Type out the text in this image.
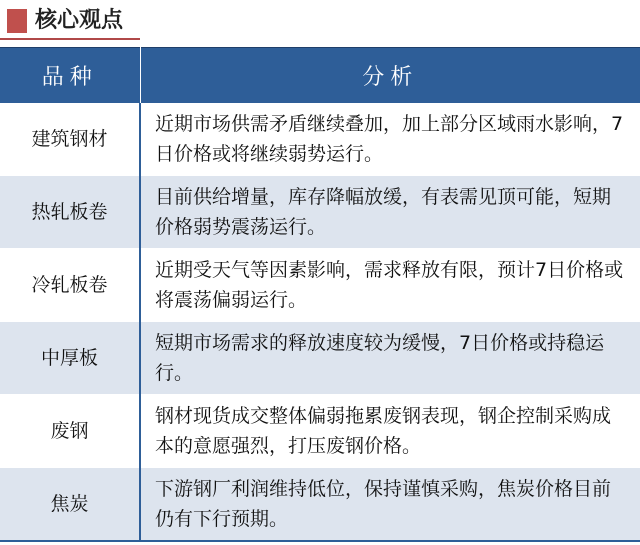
核心观点
品种	分析
建筑钢材	近期市场供需矛盾继续叠加，加上部分区域雨水影响，7日价格或将继续弱势运行。
热轧板卷	目前供给增量，库存降幅放缓，有表需见顶可能，短期价格弱势震荡运行。
冷轧板卷	近期受天气等因素影响，需求释放有限，预计7日价格或将震荡偏弱运行。
中厚板	短期市场需求的释放速度较为缓慢，7日价格或持稳运行。
废钢	钢材现货成交整体偏弱拖累废钢表现，钢企控制采购成本的意愿强烈，打压废钢价格。
焦炭	下游钢厂利润维持低位，保持谨慎采购，焦炭价格目前仍有下行预期。
